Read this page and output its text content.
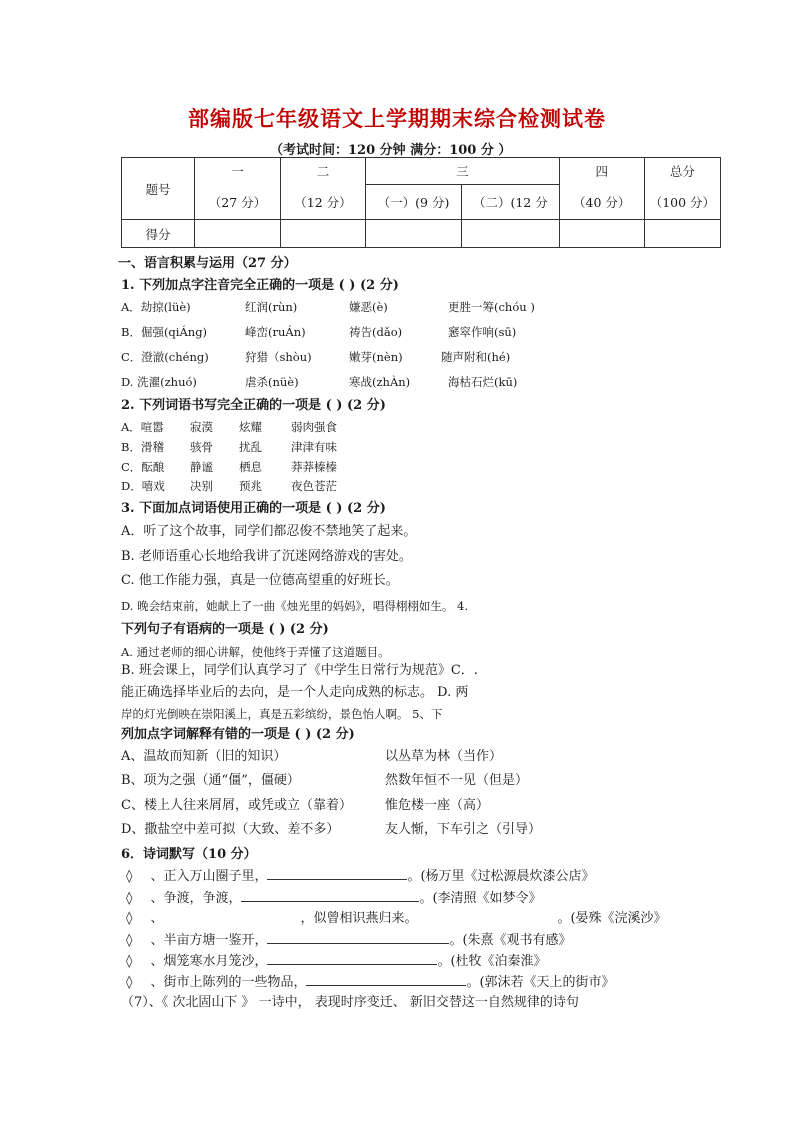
部编版七年级语文上学期期末综合检测试卷
（考试时间：120 分钟 满分：100 分 ）
题号	一	二	三		四	总分
	（27 分）	（12 分）	（一）(9 分)	（二）(12 分	（40 分）	（100 分）
得分						
一、语言积累与运用（27 分）
1. 下列加点字注音完全正确的一项是 ( ) (2 分)
A．劫掠(lüè)	红润(rùn)	嫌恶(è)	更胜一筹(chóu )
B．倔强(qiÁng)	峰峦(ruÁn)	祷告(dǎo)	窸窣作响(sū)
C．澄澈(chéng)	狩猎（shòu)	嫩芽(nèn)	随声附和(hé)
D. 洗濯(zhuó)	虐杀(nüè)	寒战(zhÀn)	海枯石烂(kū)
2. 下列词语书写完全正确的一项是 ( ) (2 分)
A．喧嚣 寂漠 炫耀	弱肉强食
B．滑稽 骇骨 扰乱	津津有味
C．酝酿 静谧 栖息	莽莽榛榛
D．嘻戏 决别 预兆	夜色苍茫
3. 下面加点词语使用正确的一项是 ( ) (2 分)
A．听了这个故事，同学们都忍俊不禁地笑了起来。
B. 老师语重心长地给我讲了沉迷网络游戏的害处。
C. 他工作能力强，真是一位德高望重的好班长。
D. 晚会结束前，她献上了一曲《烛光里的妈妈》，唱得栩栩如生。 4.
下列句子有语病的一项是 ( ) (2 分)
A. 通过老师的细心讲解，使他终于弄懂了这道题目。
B. 班会课上，同学们认真学习了《中学生日常行为规范》C．.
能正确选择毕业后的去向，是一个人走向成熟的标志。 D. 两
岸的灯光倒映在崇阳溪上，真是五彩缤纷，景色怡人啊。 5、下
列加点字词解释有错的一项是 ( ) (2 分)
A、温故而知新（旧的知识）	以丛草为林（当作）
B、项为之强（通“僵”，僵硬）	然数年恒不一见（但是）
C、楼上人往来屑屑，或凭或立（靠着）	惟危楼一座（高）
D、撒盐空中差可拟（大致、差不多）	友人惭，下车引之（引导）
6．诗词默写（10 分）
◊ 、正入万山圈子里，	。(杨万里《过松源晨炊漆公店》
◊ 、争渡，争渡，	。(李清照《如梦令》
◊ 、	，似曾相识燕归来。	。(晏殊《浣溪沙》
◊ 、半亩方塘一鉴开，	。(朱熹《观书有感》
◊ 、烟笼寒水月笼沙，	。(杜牧《泊秦淮》
◊ 、街市上陈列的一些物品，	。(郭沫若《天上的街市》
（7）、《 次北固山下 》 一诗中， 表现时序变迁、 新旧交替这一自然规律的诗句
